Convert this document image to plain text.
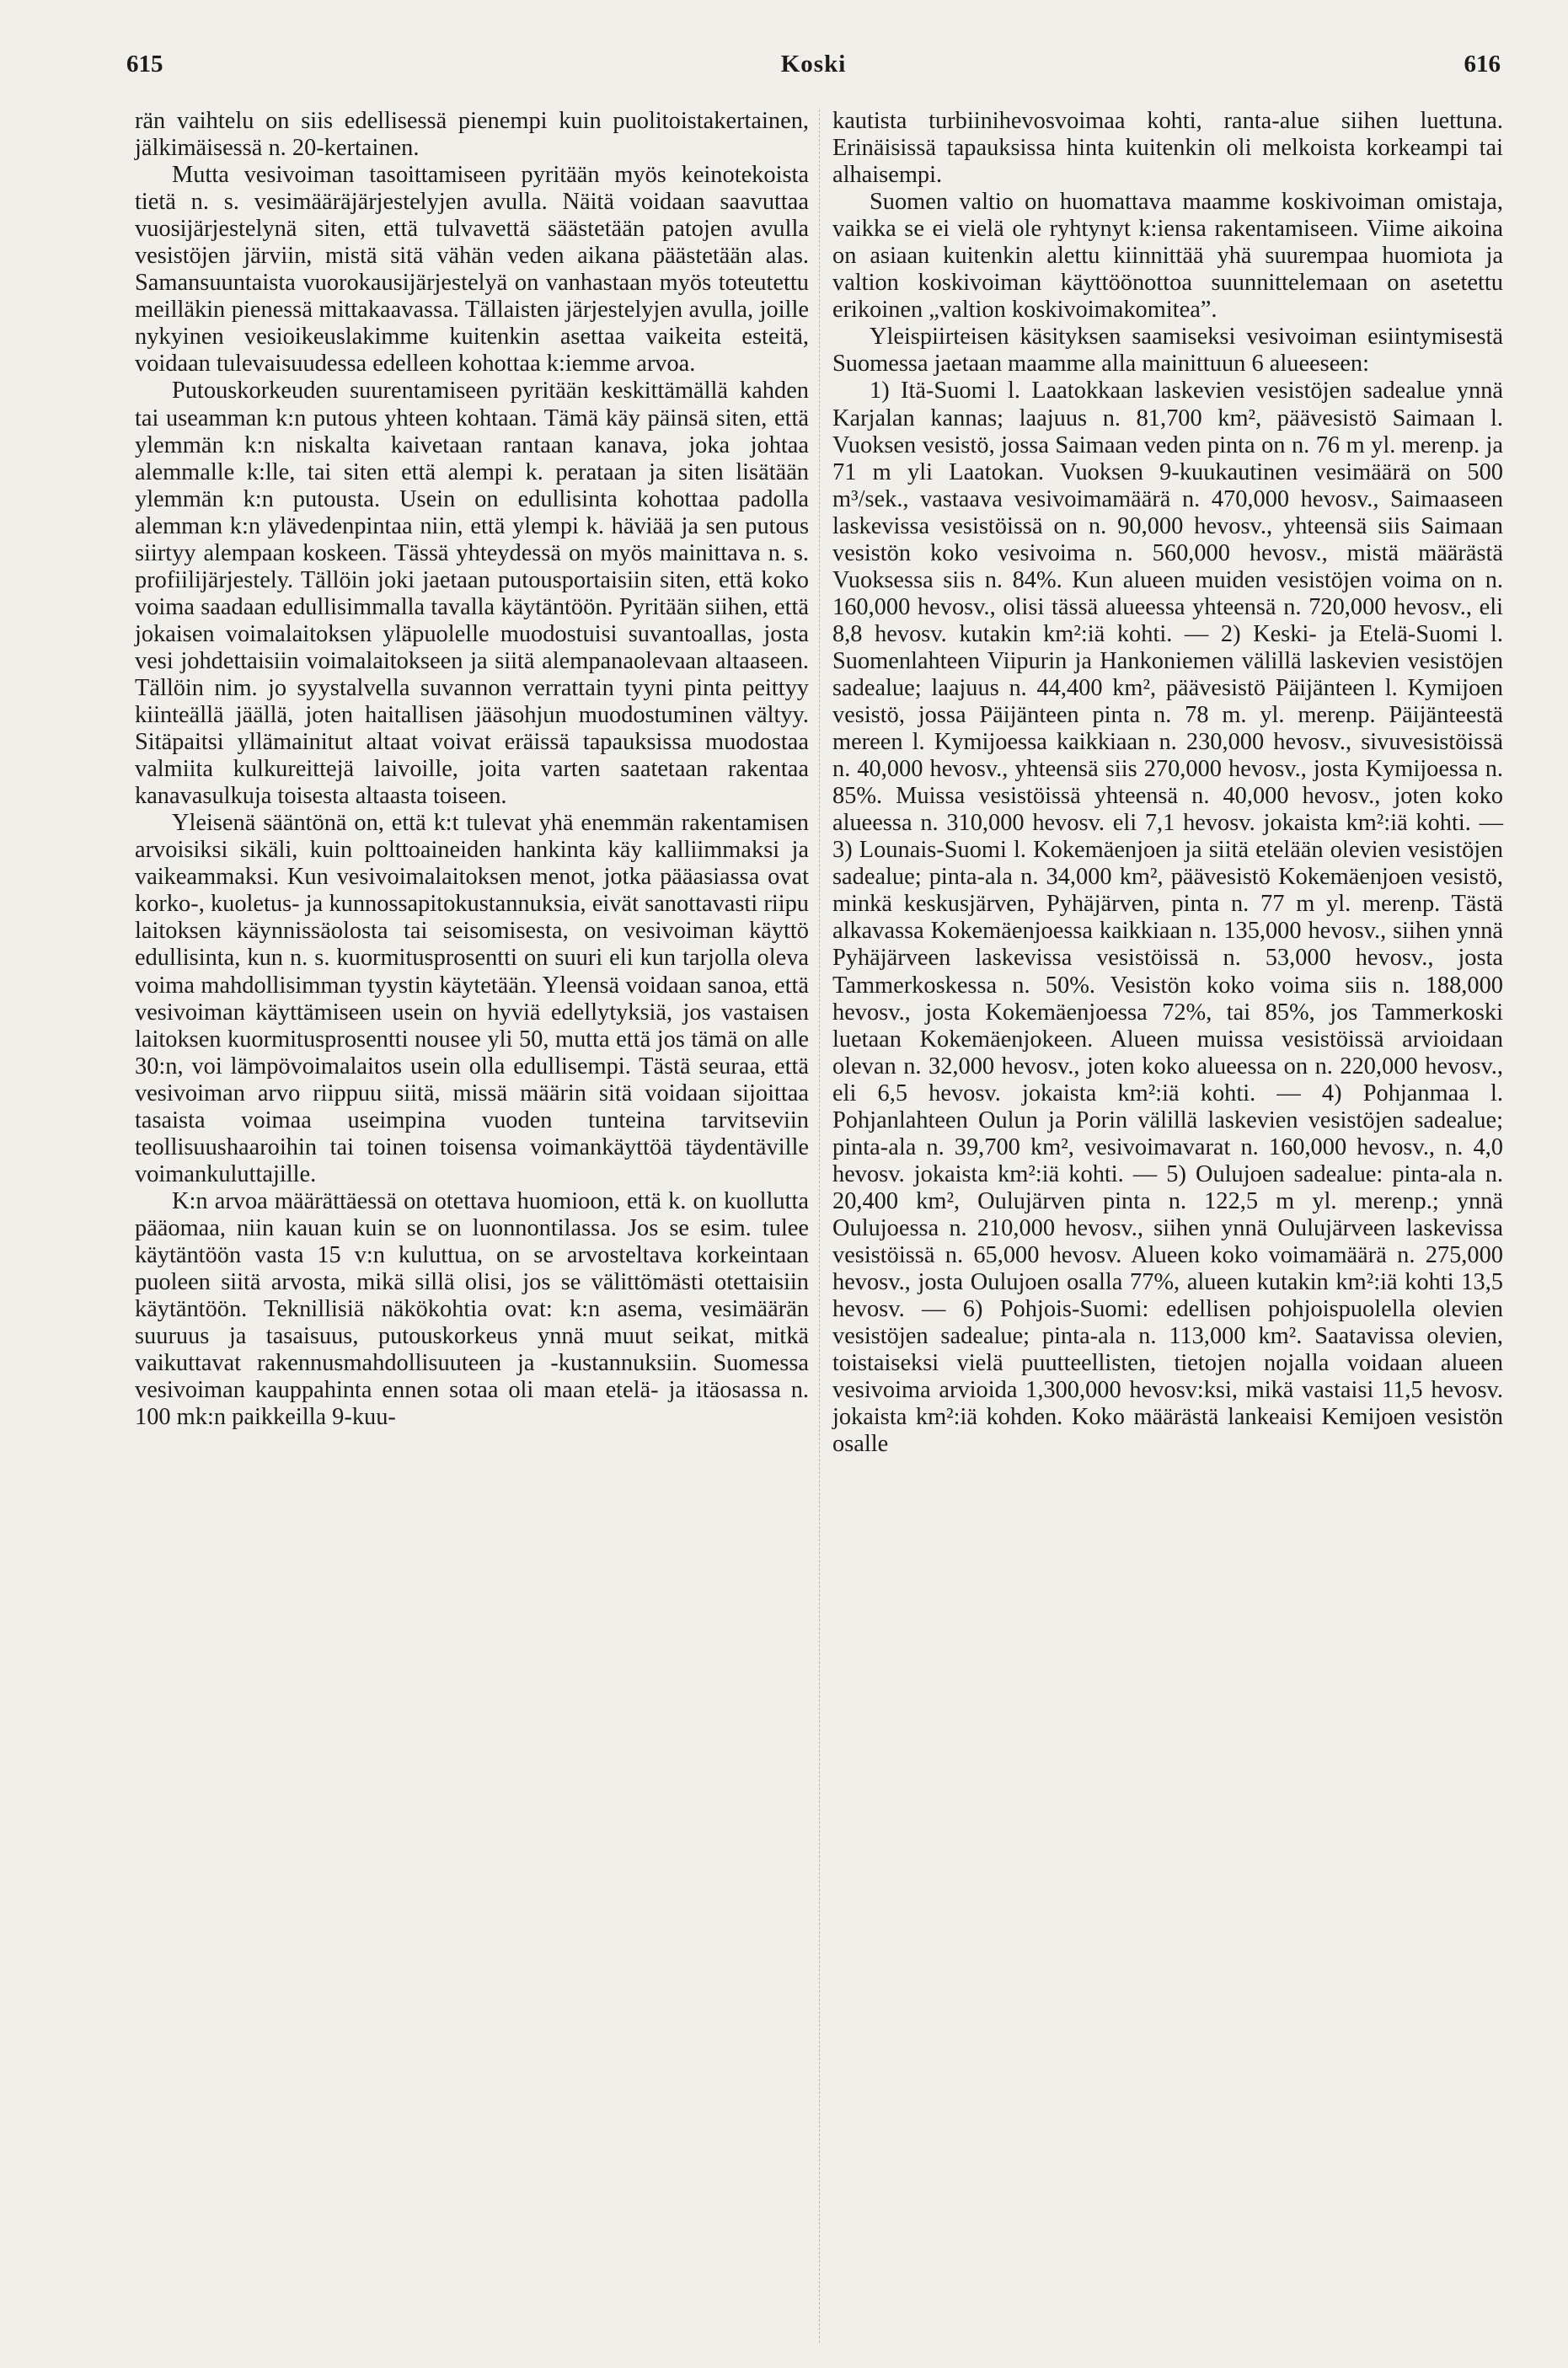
615	Koski	616

rän vaihtelu on siis edellisessä pienempi kuin puolitoistakertainen, jälkimäisessä n. 20-kertainen.

Mutta vesivoiman tasoittamiseen pyritään myös keinotekoista tietä n. s. vesimääräjärjestelyjen avulla. Näitä voidaan saavuttaa vuosijärjestelynä siten, että tulvavettä säästetään patojen avulla vesistöjen järviin, mistä sitä vähän veden aikana päästetään alas. Samansuuntaista vuorokausijärjestelyä on vanhastaan myös toteutettu meilläkin pienessä mittakaavassa. Tällaisten järjestelyjen avulla, joille nykyinen vesioikeuslakimme kuitenkin asettaa vaikeita esteitä, voidaan tulevaisuudessa edelleen kohottaa k:iemme arvoa.

Putouskorkeuden suurentamiseen pyritään keskittämällä kahden tai useamman k:n putous yhteen kohtaan. Tämä käy päinsä siten, että ylemmän k:n niskalta kaivetaan rantaan kanava, joka johtaa alemmalle k:lle, tai siten että alempi k. perataan ja siten lisätään ylemmän k:n putousta. Usein on edullisinta kohottaa padolla alemman k:n ylävedenpintaa niin, että ylempi k. häviää ja sen putous siirtyy alempaan koskeen. Tässä yhteydessä on myös mainittava n. s. profiilijärjestely. Tällöin joki jaetaan putousportaisiin siten, että koko voima saadaan edullisimmalla tavalla käytäntöön. Pyritään siihen, että jokaisen voimalaitoksen yläpuolelle muodostuisi suvantoallas, josta vesi johdettaisiin voimalaitokseen ja siitä alempanaolevaan altaaseen. Tällöin nim. jo syystalvella suvannon verrattain tyyni pinta peittyy kiinteällä jäällä, joten haitallisen jääsohjun muodostuminen vältyy. Sitäpaitsi yllämainitut altaat voivat eräissä tapauksissa muodostaa valmiita kulkureittejä laivoille, joita varten saatetaan rakentaa kanavasulkuja toisesta altaasta toiseen.

Yleisenä sääntönä on, että k:t tulevat yhä enemmän rakentamisen arvoisiksi sikäli, kuin polttoaineiden hankinta käy kalliimmaksi ja vaikeammaksi. Kun vesivoimalaitoksen menot, jotka pääasiassa ovat korko-, kuoletus- ja kunnossapitokustannuksia, eivät sanottavasti riipu laitoksen käynnissäolosta tai seisomisesta, on vesivoiman käyttö edullisinta, kun n. s. kuormitusprosentti on suuri eli kun tarjolla oleva voima mahdollisimman tyystin käytetään. Yleensä voidaan sanoa, että vesivoiman käyttämiseen usein on hyviä edellytyksiä, jos vastaisen laitoksen kuormitusprosentti nousee yli 50, mutta että jos tämä on alle 30:n, voi lämpövoimalaitos usein olla edullisempi. Tästä seuraa, että vesivoiman arvo riippuu siitä, missä määrin sitä voidaan sijoittaa tasaista voimaa useimpina vuoden tunteina tarvitseviin teollisuushaaroihin tai toinen toisensa voimankäyttöä täydentäville voimankuluttajille.

K:n arvoa määrättäessä on otettava huomioon, että k. on kuollutta pääomaa, niin kauan kuin se on luonnontilassa. Jos se esim. tulee käytäntöön vasta 15 v:n kuluttua, on se arvosteltava korkeintaan puoleen siitä arvosta, mikä sillä olisi, jos se välittömästi otettaisiin käytäntöön. Teknillisiä näkökohtia ovat: k:n asema, vesimäärän suuruus ja tasaisuus, putouskorkeus ynnä muut seikat, mitkä vaikuttavat rakennusmahdollisuuteen ja -kustannuksiin. Suomessa vesivoiman kauppahinta ennen sotaa oli maan etelä- ja itäosassa n. 100 mk:n paikkeilla 9-kuu-

kautista turbiinihevosvoimaa kohti, ranta-alue siihen luettuna. Erinäisissä tapauksissa hinta kuitenkin oli melkoista korkeampi tai alhaisempi.

Suomen valtio on huomattava maamme koskivoiman omistaja, vaikka se ei vielä ole ryhtynyt k:iensa rakentamiseen. Viime aikoina on asiaan kuitenkin alettu kiinnittää yhä suurempaa huomiota ja valtion koskivoiman käyttöönottoa suunnittelemaan on asetettu erikoinen „valtion koskivoimakomitea”.

Yleispiirteisen käsityksen saamiseksi vesivoiman esiintymisestä Suomessa jaetaan maamme alla mainittuun 6 alueeseen:

1) Itä-Suomi l. Laatokkaan laskevien vesistöjen sadealue ynnä Karjalan kannas; laajuus n. 81,700 km², päävesistö Saimaan l. Vuoksen vesistö, jossa Saimaan veden pinta on n. 76 m yl. merenp. ja 71 m yli Laatokan. Vuoksen 9-kuukautinen vesimäärä on 500 m³/sek., vastaava vesivoimamäärä n. 470,000 hevosv., Saimaaseen laskevissa vesistöissä on n. 90,000 hevosv., yhteensä siis Saimaan vesistön koko vesivoima n. 560,000 hevosv., mistä määrästä Vuoksessa siis n. 84%. Kun alueen muiden vesistöjen voima on n. 160,000 hevosv., olisi tässä alueessa yhteensä n. 720,000 hevosv., eli 8,8 hevosv. kutakin km²:iä kohti. — 2) Keski- ja Etelä-Suomi l. Suomenlahteen Viipurin ja Hankoniemen välillä laskevien vesistöjen sadealue; laajuus n. 44,400 km², päävesistö Päijänteen l. Kymijoen vesistö, jossa Päijänteen pinta n. 78 m. yl. merenp. Päijänteestä mereen l. Kymijoessa kaikkiaan n. 230,000 hevosv., sivuvesistöissä n. 40,000 hevosv., yhteensä siis 270,000 hevosv., josta Kymijoessa n. 85%. Muissa vesistöissä yhteensä n. 40,000 hevosv., joten koko alueessa n. 310,000 hevosv. eli 7,1 hevosv. jokaista km²:iä kohti. — 3) Lounais-Suomi l. Kokemäenjoen ja siitä etelään olevien vesistöjen sadealue; pinta-ala n. 34,000 km², päävesistö Kokemäenjoen vesistö, minkä keskusjärven, Pyhäjärven, pinta n. 77 m yl. merenp. Tästä alkavassa Kokemäenjoessa kaikkiaan n. 135,000 hevosv., siihen ynnä Pyhäjärveen laskevissa vesistöissä n. 53,000 hevosv., josta Tammerkoskessa n. 50%. Vesistön koko voima siis n. 188,000 hevosv., josta Kokemäenjoessa 72%, tai 85%, jos Tammerkoski luetaan Kokemäenjokeen. Alueen muissa vesistöissä arvioidaan olevan n. 32,000 hevosv., joten koko alueessa on n. 220,000 hevosv., eli 6,5 hevosv. jokaista km²:iä kohti. — 4) Pohjanmaa l. Pohjanlahteen Oulun ja Porin välillä laskevien vesistöjen sadealue; pinta-ala n. 39,700 km², vesivoimavarat n. 160,000 hevosv., n. 4,0 hevosv. jokaista km²:iä kohti. — 5) Oulujoen sadealue: pinta-ala n. 20,400 km², Oulujärven pinta n. 122,5 m yl. merenp.; ynnä Oulujoessa n. 210,000 hevosv., siihen ynnä Oulujärveen laskevissa vesistöissä n. 65,000 hevosv. Alueen koko voimamäärä n. 275,000 hevosv., josta Oulujoen osalla 77%, alueen kutakin km²:iä kohti 13,5 hevosv. — 6) Pohjois-Suomi: edellisen pohjoispuolella olevien vesistöjen sadealue; pinta-ala n. 113,000 km². Saatavissa olevien, toistaiseksi vielä puutteellisten, tietojen nojalla voidaan alueen vesivoima arvioida 1,300,000 hevosv:ksi, mikä vastaisi 11,5 hevosv. jokaista km²:iä kohden. Koko määrästä lankeaisi Kemijoen vesistön osalle
